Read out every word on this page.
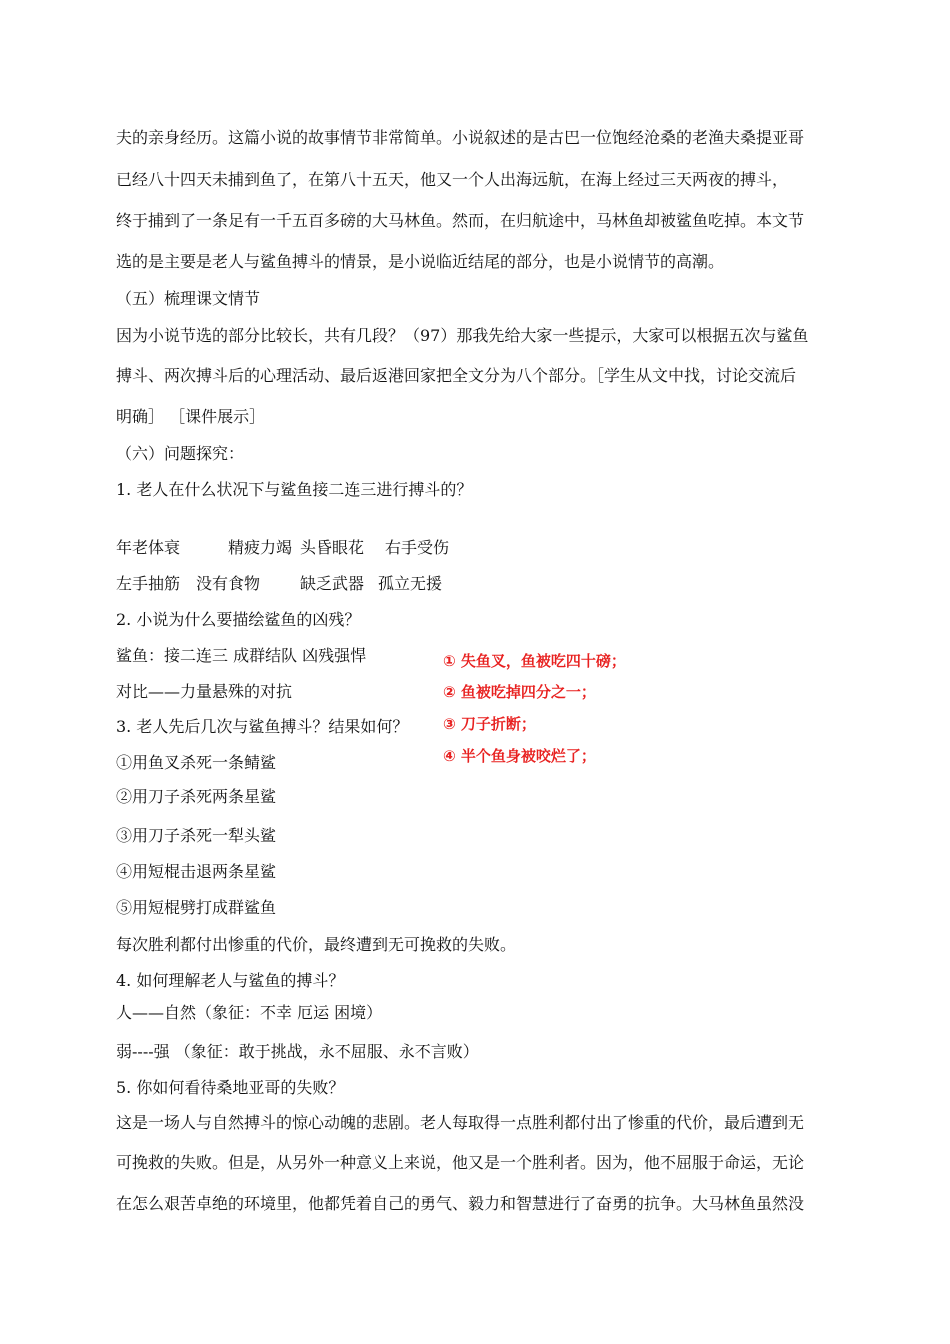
夫的亲身经历。这篇小说的故事情节非常简单。小说叙述的是古巴一位饱经沧桑的老渔夫桑提亚哥
已经八十四天未捕到鱼了，在第八十五天，他又一个人出海远航，在海上经过三天两夜的搏斗，
终于捕到了一条足有一千五百多磅的大马林鱼。然而，在归航途中，马林鱼却被鲨鱼吃掉。本文节
选的是主要是老人与鲨鱼搏斗的情景，是小说临近结尾的部分，也是小说情节的高潮。
（五）梳理课文情节
因为小说节选的部分比较长，共有几段？（97）那我先给大家一些提示，大家可以根据五次与鲨鱼
搏斗、两次搏斗后的心理活动、最后返港回家把全文分为八个部分。［学生从文中找，讨论交流后
明确］ ［课件展示］
（六）问题探究：
1. 老人在什么状况下与鲨鱼接二连三进行搏斗的？
年老体衰	精疲力竭 头昏眼花 右手受伤
左手抽筋 没有食物 缺乏武器 孤立无援
2. 小说为什么要描绘鲨鱼的凶残？
鲨鱼：接二连三 成群结队 凶残强悍
对比——力量悬殊的对抗
3. 老人先后几次与鲨鱼搏斗？结果如何？
①用鱼叉杀死一条鲭鲨
②用刀子杀死两条星鲨
③用刀子杀死一犁头鲨
④用短棍击退两条星鲨
⑤用短棍劈打成群鲨鱼
每次胜利都付出惨重的代价，最终遭到无可挽救的失败。
① 失鱼叉，鱼被吃四十磅；
② 鱼被吃掉四分之一；
③ 刀子折断；
④ 半个鱼身被咬烂了；
4. 如何理解老人与鲨鱼的搏斗？
人——自然（象征：不幸 厄运 困境）
弱----强 （象征：敢于挑战，永不屈服、永不言败）
5. 你如何看待桑地亚哥的失败？
这是一场人与自然搏斗的惊心动魄的悲剧。老人每取得一点胜利都付出了惨重的代价，最后遭到无
可挽救的失败。但是，从另外一种意义上来说，他又是一个胜利者。因为，他不屈服于命运，无论
在怎么艰苦卓绝的环境里，他都凭着自己的勇气、毅力和智慧进行了奋勇的抗争。大马林鱼虽然没
